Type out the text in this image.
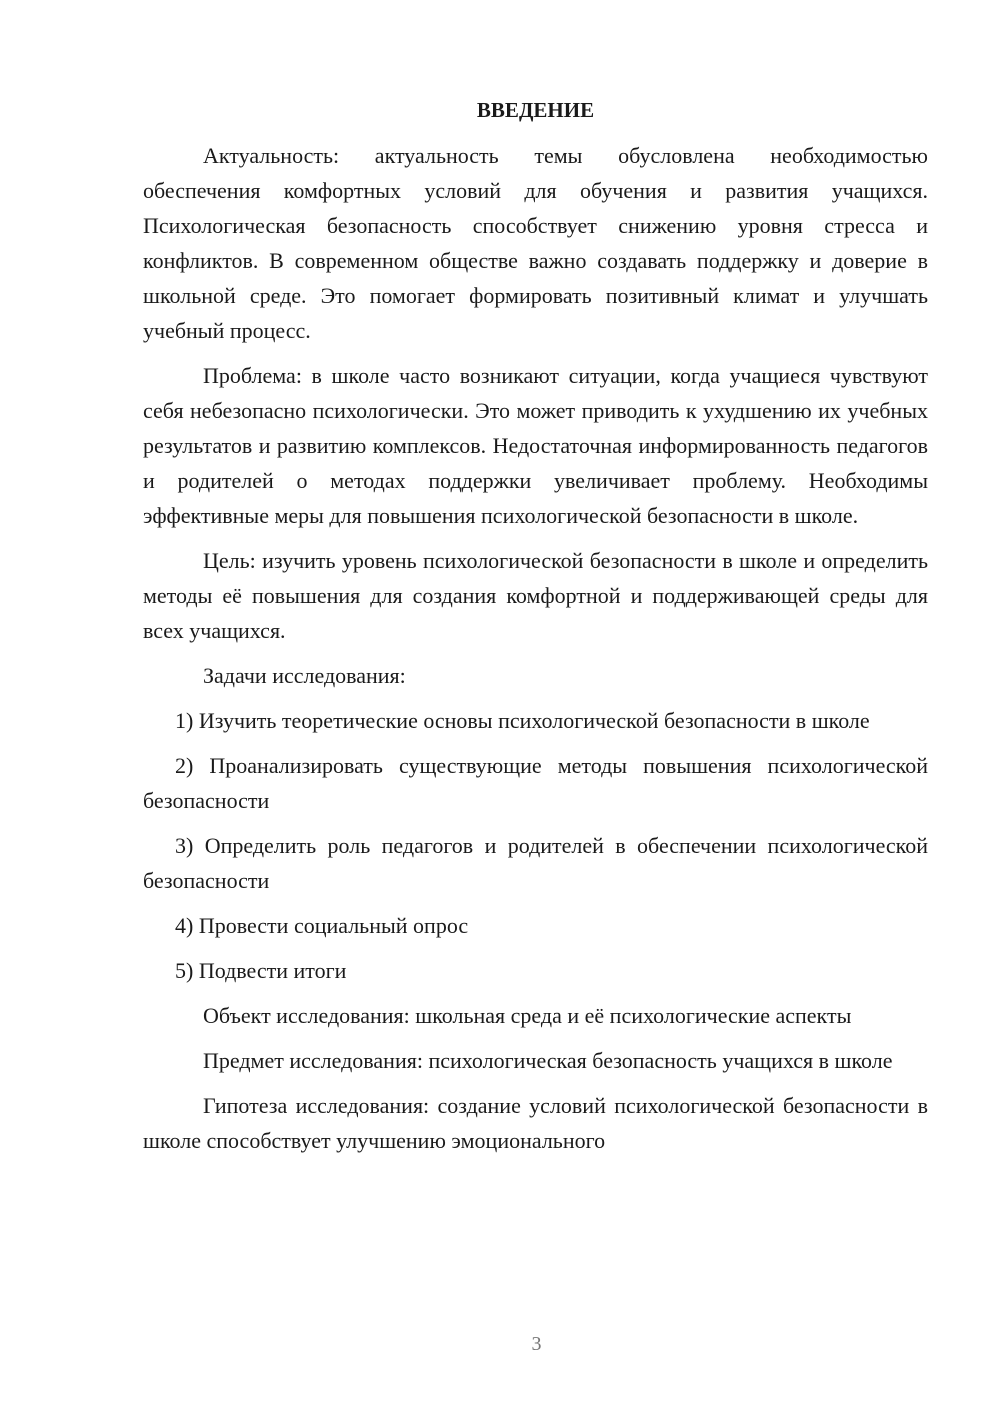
ВВЕДЕНИЕ

Актуальность: актуальность темы обусловлена необходимостью обеспечения комфортных условий для обучения и развития учащихся. Психологическая безопасность способствует снижению уровня стресса и конфликтов. В современном обществе важно создавать поддержку и доверие в школьной среде. Это помогает формировать позитивный климат и улучшать учебный процесс.

Проблема: в школе часто возникают ситуации, когда учащиеся чувствуют себя небезопасно психологически. Это может приводить к ухудшению их учебных результатов и развитию комплексов. Недостаточная информированность педагогов и родителей о методах поддержки увеличивает проблему. Необходимы эффективные меры для повышения психологической безопасности в школе.

Цель: изучить уровень психологической безопасности в школе и определить методы её повышения для создания комфортной и поддерживающей среды для всех учащихся.

Задачи исследования:

1) Изучить теоретические основы психологической безопасности в школе

2) Проанализировать существующие методы повышения психологической безопасности

3) Определить роль педагогов и родителей в обеспечении психологической безопасности

4) Провести социальный опрос

5) Подвести итоги

Объект исследования: школьная среда и её психологические аспекты

Предмет исследования: психологическая безопасность учащихся в школе

Гипотеза исследования: создание условий психологической безопасности в школе способствует улучшению эмоционального

3
